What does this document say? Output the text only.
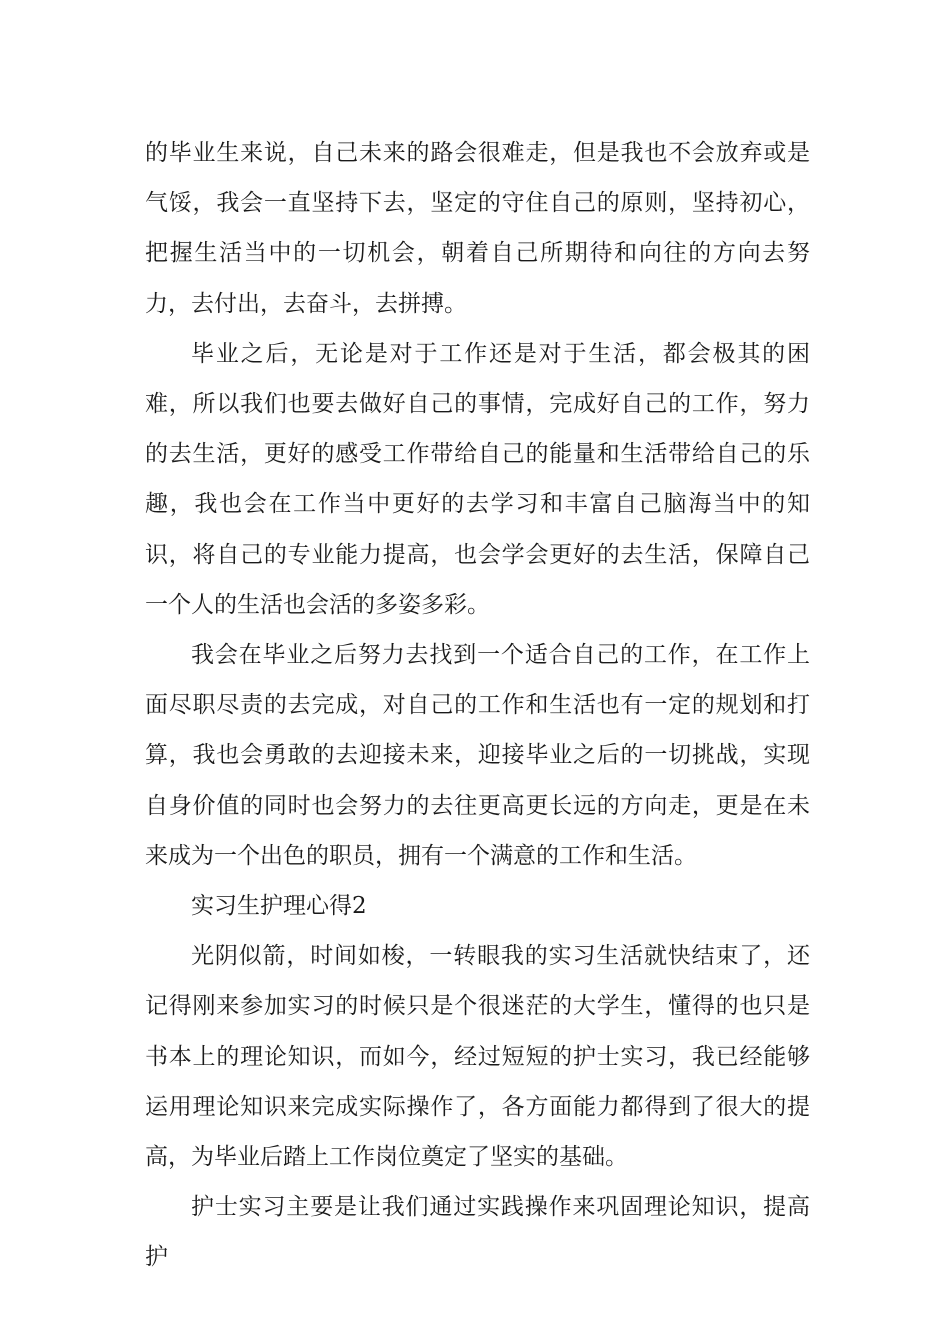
的毕业生来说，自己未来的路会很难走，但是我也不会放弃或是气馁，我会一直坚持下去，坚定的守住自己的原则，坚持初心，把握生活当中的一切机会，朝着自己所期待和向往的方向去努力，去付出，去奋斗，去拼搏。

毕业之后，无论是对于工作还是对于生活，都会极其的困难，所以我们也要去做好自己的事情，完成好自己的工作，努力的去生活，更好的感受工作带给自己的能量和生活带给自己的乐趣，我也会在工作当中更好的去学习和丰富自己脑海当中的知识，将自己的专业能力提高，也会学会更好的去生活，保障自己一个人的生活也会活的多姿多彩。

我会在毕业之后努力去找到一个适合自己的工作，在工作上面尽职尽责的去完成，对自己的工作和生活也有一定的规划和打算，我也会勇敢的去迎接未来，迎接毕业之后的一切挑战，实现自身价值的同时也会努力的去往更高更长远的方向走，更是在未来成为一个出色的职员，拥有一个满意的工作和生活。

实习生护理心得2

光阴似箭，时间如梭，一转眼我的实习生活就快结束了，还记得刚来参加实习的时候只是个很迷茫的大学生，懂得的也只是书本上的理论知识，而如今，经过短短的护士实习，我已经能够运用理论知识来完成实际操作了，各方面能力都得到了很大的提高，为毕业后踏上工作岗位奠定了坚实的基础。

护士实习主要是让我们通过实践操作来巩固理论知识，提高护
